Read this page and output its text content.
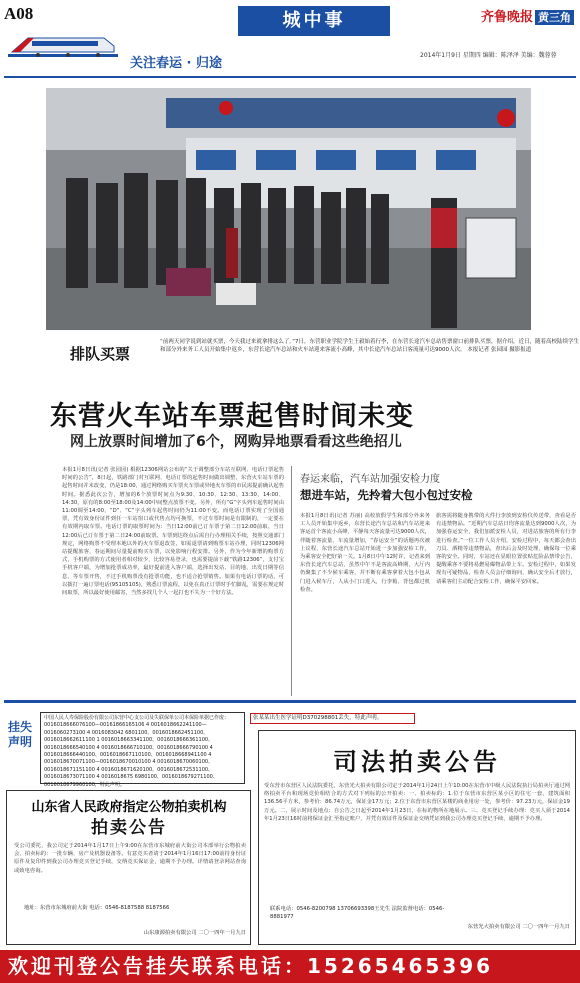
A08	城中事	齐鲁晚报 黄三角
关注春运 · 归途
2014年1月9日 星期四 编辑：陈泽泽 美编：魏蓉蓉
排队买票
“前两天同学说到站就买票，今天我过来就拿排这么了。”7日，东营职业学院学生王毅始着行李，在东营长途汽车总站售票窗口前排队买票，据介绍，近日，随着高校陆续学生和部分外来务工人员开始集中返乡，东营长途汽车总站和火车站迎来客流小高峰，其中长途汽车总站日客流量可达9000人次。 本报记者 张园园 摄影报道
东营火车站车票起售时间未变
网上放票时间增加了6个，网购异地票看看这些绝招儿
本报1月8日讯(记者 张园园) 根据12306网站公布的“关于调整部分车站互联网、电话订票起售时间的公告”，8日起，铁路部门对互联网、电话订票的起售时间做出调整，东营火车站车票的起售时间并未改变，仍是18:00，通过网络购买车票火车票或异地火车票的市民需提前确认起售时间。据悉此次公告，增加的6个放票时间点为9:30、10:30、12:30、13:30、14:00、14:30，原有的8:00至18:00及14:00中间整点放票不变。另外，所有“G”字头列车起售时间由11:00调至14:00，“D”、“C”字头列车起售时间仍为11:00不变。而电话订票实现了全国通票，凭有效身份证件到任一车站窗口或代售点均可换票，不过车票时间是有限制的，一定要在有效期内取车票。电话订票的取票时间为：当日12:00前已订车票于第二日12:00前取、当日12:00后已订车票于第二日24:00前取票。车票到达终点后需自行办理相关手续，按照交通部门规定，网络购票不受理本地以外的火车票退改签，如需退票请到购票车站办理，同时12306网站提醒旅客，春运期间尽量提前购买车票，以免影响行程安排。另外，作为今年新增的购票方式，手机购票的方式使用者相对较少，比较容易登录，也需要提前下载“铁路12306”，支付宝手机客户端，为增加抢票成功率，最好提前进入客户端，选择出发站、目的地、出发日期等信息，等车票开售，不过手机购票没有抢票功能，也不适合抢票销售。如果有电话订票的话，可以拨打一遍订票电话(95105105)，熟悉订票流程，以免在真正订票时手忙脚乱，需要在规定时间取票，所以最好使用邮寄，当然多找几个人一起打也不失为一个好方法。
春运来临，汽车站加强安检力度
想进车站，先拎着大包小包过安检
本报1月8日讯(记者 苏丽) 高校放假学生和部分外来务工人员开始集中返乡，东营长途汽车总站和汽车站迎来客运首个客流小高峰，平静每天客流量可达9000人次，伴随着客流量、车流量增加，“春运安全”的话题再次被上议程，东营长途汽车总站开始进一步加强安检工作，为乘客安全把好第一关。1月8日中午12时许，记者来到东营长途汽车总站，虽然中午不是客流高峰期，大厅内仍聚集了不少候车乘客，并不断有乘客拿着大包小包从门进入候车厅，人从小门口进入，行李箱、背包都过机检查。
旅客需将随身携带的大件行李放到安检仪传送带，查看是否有违禁物品。“近期汽车总站日均客流量达到9000人次，为加强春运安全，我们加派安检人员，对进站旅客的所有行李进行检查。”一位工作人员介绍，安检过程中，每天都会查出刀具、酒精等违禁物品，查出后会及时处理，确保每一位乘客的安全。同时，车站还在显眼位置张贴危险品禁带公告，提醒乘客不要将易燃易爆物品带上车。安检过程中，如果发现有可疑物品，检查人员会仔细询问，确认安全后才放行，请乘客们主动配合安检工作，确保平安回家。
挂失声明
中国人民人寿保险股份有限公司东营中心支公司及失联保单公司本保险单据已作废：0016018666076100—00161866165106 4 0016018662241100—0016060273100 4 0016083042 6801100、0016018662451100、0016018662611100 1 0016018663341100、0016018666361100、0016018666540100 4 0016018666710100、0016018666790100 4 0016018666440100、0016018667110100、0016018668941100 4 0016018670071100—0016018670010100 4 0016018670060100、0016018671151100 4 0016018671620100、0016018672531100、0016018673071100 4 0016018675 6980100、0016018679271100、0016018679960100，特此声明。
张某某出生医学证明D370298801丢失，特此声明。
山东省人民政府指定公物拍卖机构
拍卖公告
受公司委托，我公司定于2014年1月17日上午9:00在东营市东城府前大街公司本部举行公物拍卖会，拍卖标的：一批车辆、房产及机器设备等。有意竞买者请于2014年1月16日17:00前持身份证原件及复印件到我公司办理竞买登记手续，交纳竞买保证金，逾期不予办理。详情请登录网站查询或致电咨询。
地址：东营市东城府前大街 电话：0546-8187588 8187566
山东康源拍卖有限公司 二〇一四年一月九日
司法拍卖公告
受东营市东营区人民法院委托，东营光大拍卖有限公司定于2014年1月24日上午10:00在东营市中级人民法院执行局拍卖厅通过网络拍卖平台和现场竞价相结合的方式对下列标的公开拍卖：一、拍卖标的：1.位于东营市东营区某小区的住宅一套，建筑面积136.56平方米，参考价：86.74万元，保证金17万元；2.位于东营市东营区某楼的商业用房一处，参考价：97.23万元，保证金19万元。二、展示时间及地点：自公告之日起至2014年1月23日，在标的物所在地展示。三、竞买登记手续办理：竞买人须于2014年1月23日16时前将保证金汇至指定账户，并凭有效证件及保证金交纳凭证到我公司办理竞买登记手续，逾期不予办理。
联系电话：0546-8200798 13706693398王先生 法院监督电话：0546-8881977
东营光大拍卖有限公司 二〇一四年一月九日
欢迎刊登公告挂失联系电话：15265465396
